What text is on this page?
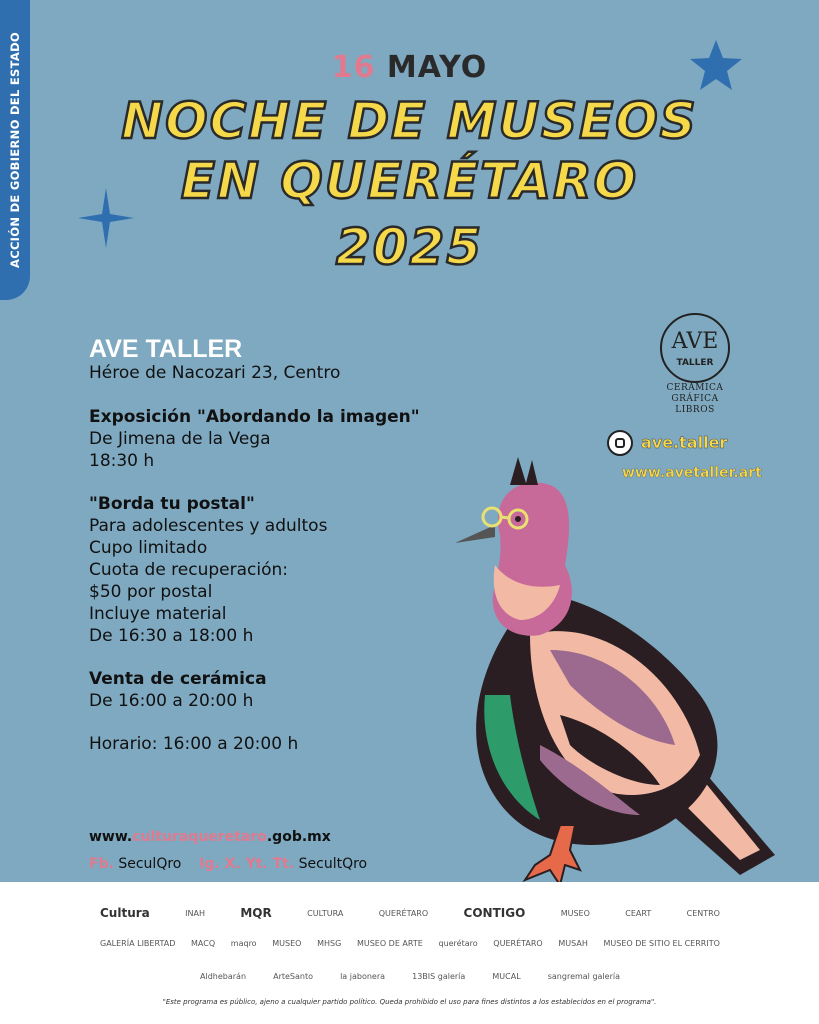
ACCIÓN DE GOBIERNO DEL ESTADO	16 MAYO
NOCHE DE MUSEOS
EN QUERÉTARO
2025
AVE TALLER
Héroe de Nacozari 23, Centro
Exposición "Abordando la imagen"
De Jimena de la Vega
18:30 h
"Borda tu postal"
Para adolescentes y adultos
Cupo limitado
Cuota de recuperación:
$50 por postal
Incluye material
De 16:30 a 18:00 h
Venta de cerámica
De 16:00 a 20:00 h
Horario: 16:00 a 20:00 h
AVE
TALLER
CERÁMICA
GRÁFICA
LIBROS
ave.taller
www.avetaller.art
www.culturaqueretaro.gob.mx
Fb. SeculQro Ig. X. Yt. Tt. SecultQro
Cultura	INAH	MQR	CULTURA	QUERÉTARO	CONTIGO	MUSEO	CEART	CENTRO
GALERÍA LIBERTAD MACQ maqro MUSEO MHSG MUSEO DE ARTE querétaro QUERÉTARO MUSAH MUSEO DE SITIO EL CERRITO
Aldhebarán	ArteSanto	la jabonera	13BIS galería	MUCAL	sangremal galería
"Este programa es público, ajeno a cualquier partido político. Queda prohibido el uso para fines distintos a los establecidos en el programa".
